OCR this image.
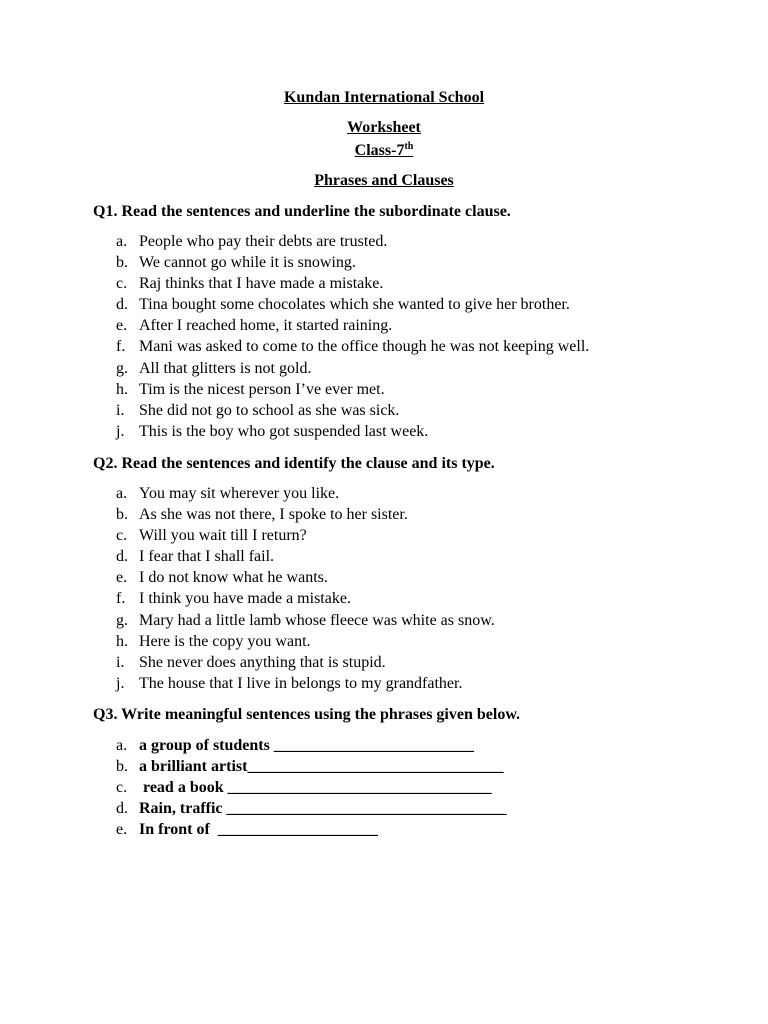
Kundan International School
Worksheet
Class-7th
Phrases and Clauses
Q1. Read the sentences and underline the subordinate clause.
a. People who pay their debts are trusted.
b. We cannot go while it is snowing.
c. Raj thinks that I have made a mistake.
d. Tina bought some chocolates which she wanted to give her brother.
e. After I reached home, it started raining.
f. Mani was asked to come to the office though he was not keeping well.
g. All that glitters is not gold.
h. Tim is the nicest person I’ve ever met.
i. She did not go to school as she was sick.
j. This is the boy who got suspended last week.
Q2. Read the sentences and identify the clause and its type.
a. You may sit wherever you like.
b. As she was not there, I spoke to her sister.
c. Will you wait till I return?
d. I fear that I shall fail.
e. I do not know what he wants.
f. I think you have made a mistake.
g. Mary had a little lamb whose fleece was white as snow.
h. Here is the copy you want.
i. She never does anything that is stupid.
j. The house that I live in belongs to my grandfather.
Q3. Write meaningful sentences using the phrases given below.
a. a group of students _________________________
b. a brilliant artist________________________________
c. read a book _________________________________
d. Rain, traffic ___________________________________
e. In front of  ____________________
